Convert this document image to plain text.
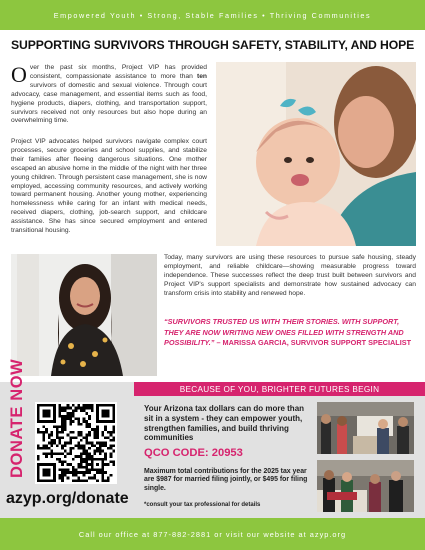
Empowered Youth • Strong, Stable Families • Thriving Communities
SUPPORTING SURVIVORS THROUGH SAFETY, STABILITY, AND HOPE

Over the past six months, Project VIP has provided consistent, compassionate assistance to more than ten survivors of domestic and sexual violence. Through court advocacy, case management, and essential items such as food, hygiene products, diapers, clothing, and transportation support, survivors received not only resources but also hope during an overwhelming time.

Project VIP advocates helped survivors navigate complex court processes, secure groceries and school supplies, and stabilize their families after fleeing dangerous situations. One mother escaped an abusive home in the middle of the night with her three young children. Through persistent case management, she is now employed, accessing community resources, and actively working toward permanent housing. Another young mother, experiencing homelessness while caring for an infant with medical needs, received diapers, clothing, job-search support, and childcare assistance. She has since secured employment and entered transitional housing.

Today, many survivors are using these resources to pursue safe housing, steady employment, and reliable childcare—showing measurable progress toward independence. These successes reflect the deep trust built between survivors and Project VIP's support specialists and demonstrate how sustained advocacy can transform crisis into stability and renewed hope.

“SURVIVORS TRUSTED US WITH THEIR STORIES. WITH SUPPORT, THEY ARE NOW WRITING NEW ONES FILLED WITH STRENGTH AND POSSIBILITY.” – MARISSA GARCIA, SURVIVOR SUPPORT SPECIALIST

BECAUSE OF YOU, BRIGHTER FUTURES BEGIN
DONATE NOW
azyp.org/donate

Your Arizona tax dollars can do more than sit in a system - they can empower youth, strengthen families, and build thriving communities

QCO CODE: 20953

Maximum total contributions for the 2025 tax year are $987 for married filing jointly, or $495 for filing single.

*consult your tax professional for details
Call our office at 877-882-2881 or visit our website at azyp.org
